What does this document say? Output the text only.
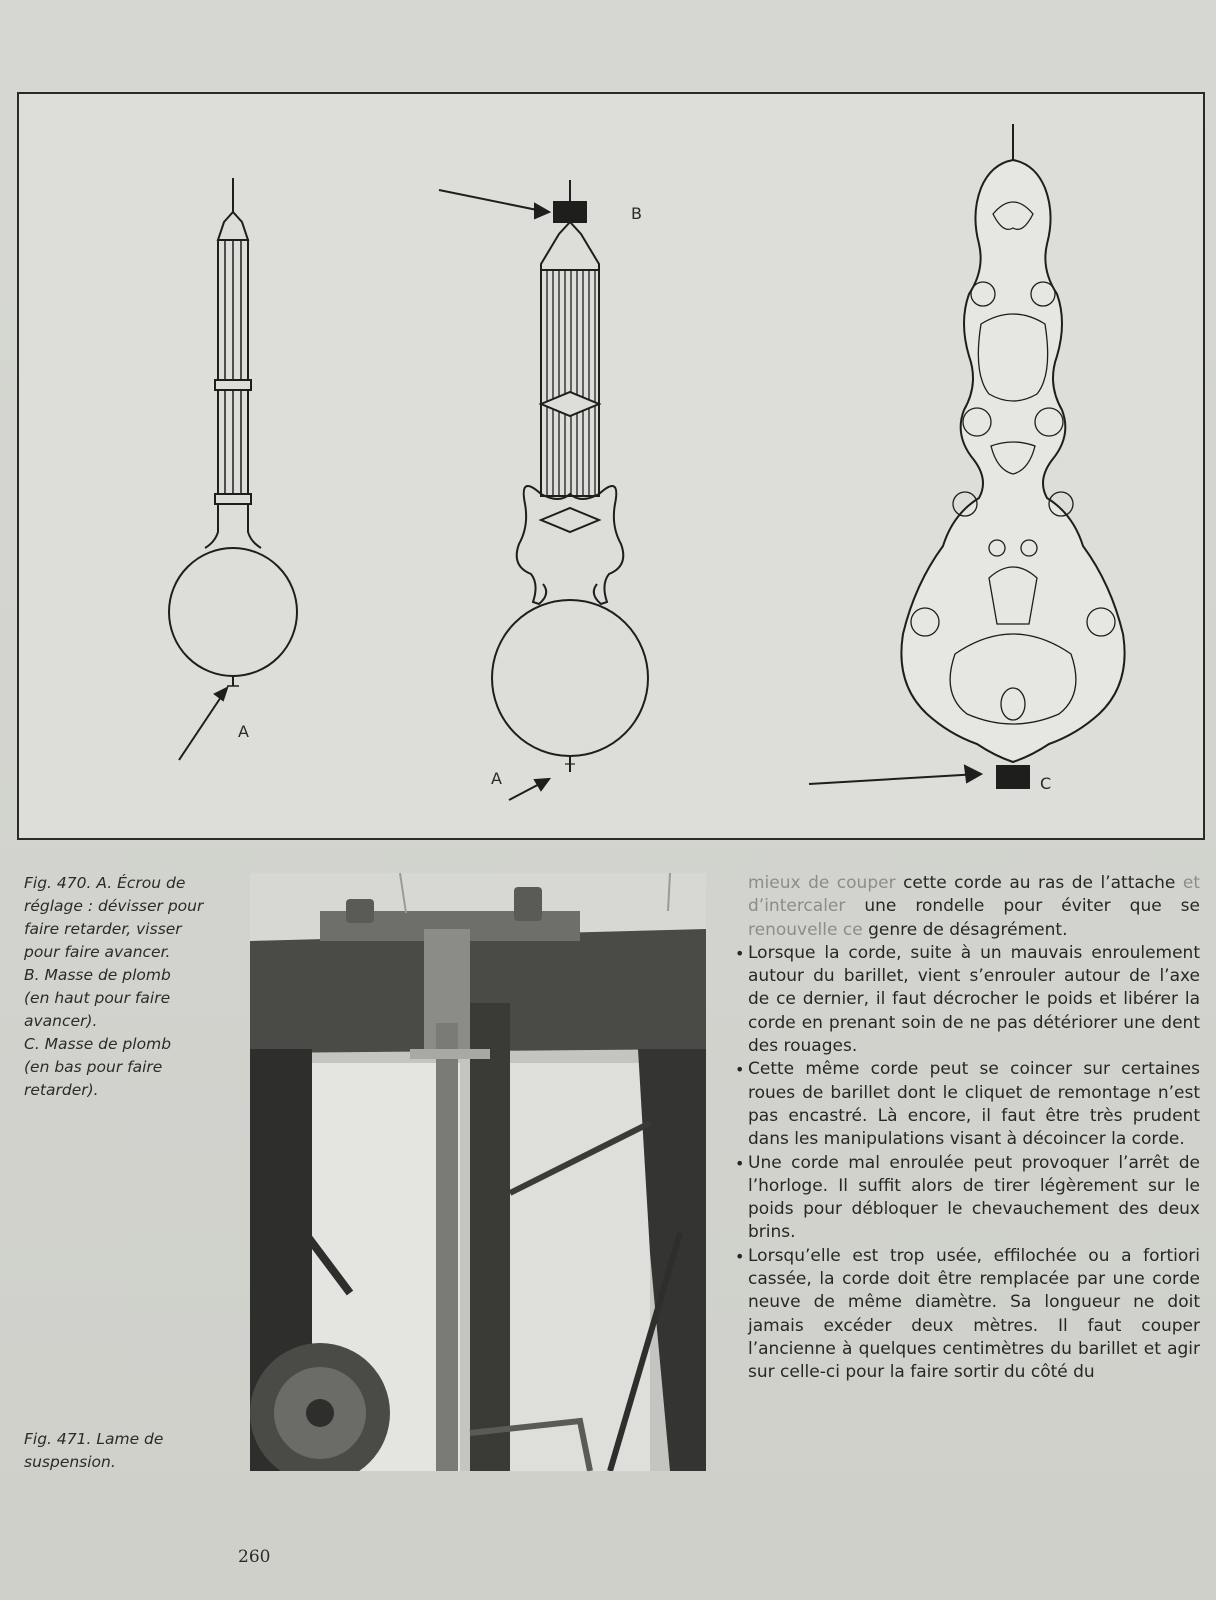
A
B
A	C
Fig. 470. A. Écrou de
réglage : dévisser pour
faire retarder, visser
pour faire avancer.
B. Masse de plomb
(en haut pour faire
avancer).
C. Masse de plomb
(en bas pour faire
retarder).
Fig. 471. Lame de
suspension.

mieux de couper cette corde au ras de l’attache et d’intercaler une rondelle pour éviter que se renouvelle ce genre de désagrément.

• Lorsque la corde, suite à un mauvais enroulement autour du barillet, vient s’enrouler autour de l’axe de ce dernier, il faut décrocher le poids et libérer la corde en prenant soin de ne pas détériorer une dent des rouages.
• Cette même corde peut se coincer sur certaines roues de barillet dont le cliquet de remontage n’est pas encastré. Là encore, il faut être très prudent dans les manipulations visant à décoincer la corde.
• Une corde mal enroulée peut provoquer l’arrêt de l’horloge. Il suffit alors de tirer légèrement sur le poids pour débloquer le chevauchement des deux brins.
• Lorsqu’elle est trop usée, effilochée ou a fortiori cassée, la corde doit être remplacée par une corde neuve de même diamètre. Sa longueur ne doit jamais excéder deux mètres. Il faut couper l’ancienne à quelques centimètres du barillet et agir sur celle-ci pour la faire sortir du côté du
260
